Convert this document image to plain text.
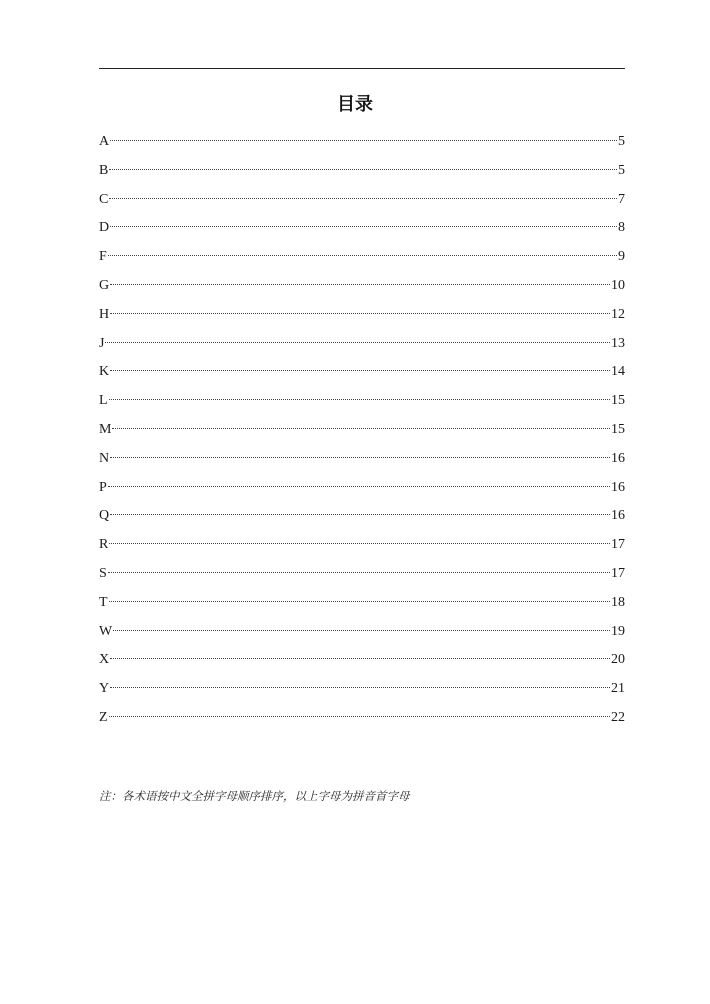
目录
A	5
B	5
C	7
D	8
F	9
G	10
H	12
J	13
K	14
L	15
M	15
N	16
P	16
Q	16
R	17
S	17
T	18
W	19
X	20
Y	21
Z	22
注：各术语按中文全拼字母顺序排序，以上字母为拼音首字母
